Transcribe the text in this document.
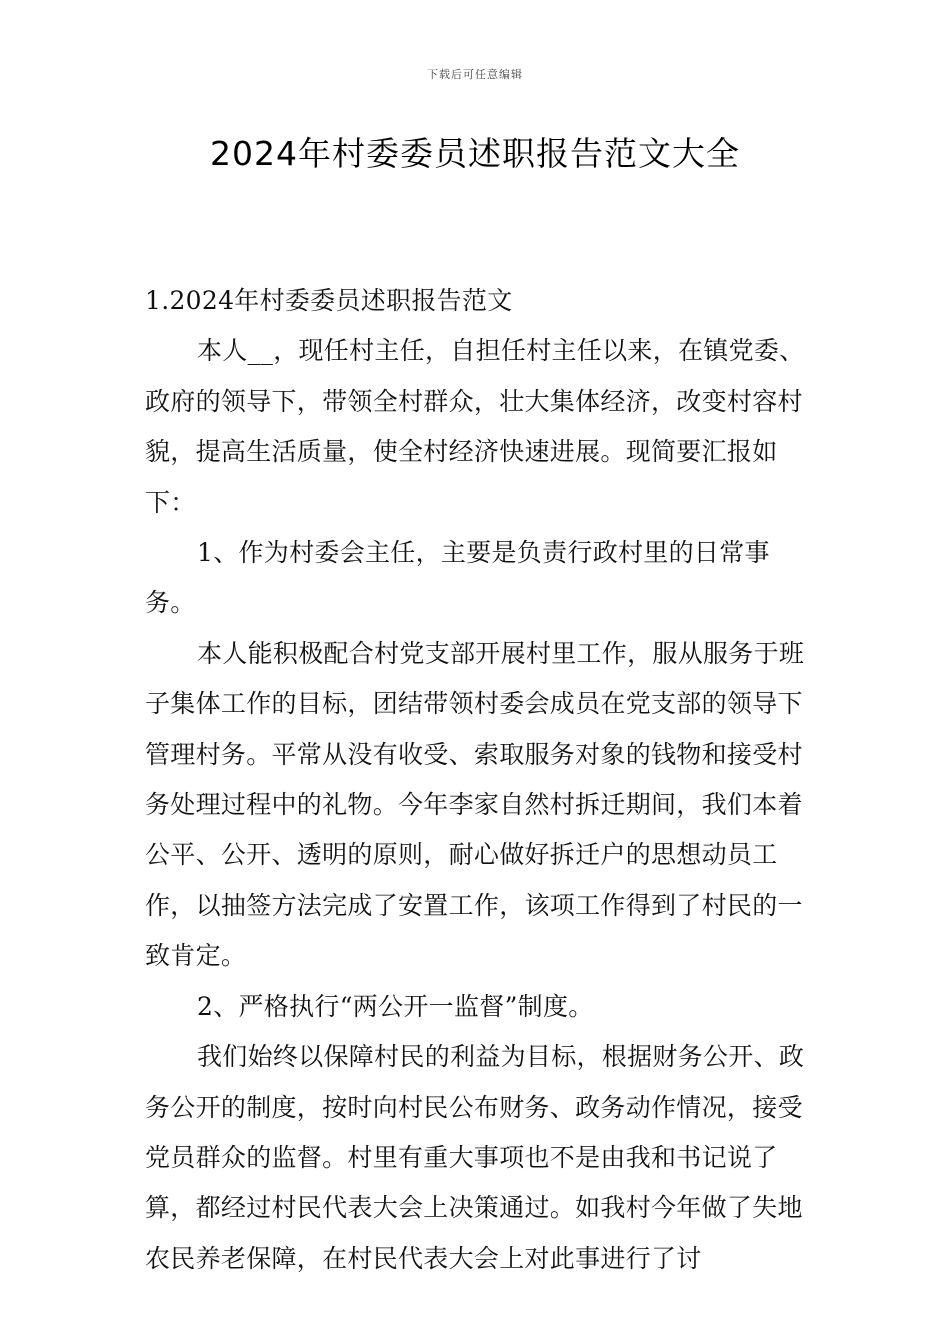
下载后可任意编辑
2024年村委委员述职报告范文大全

1.2024年村委委员述职报告范文

本人__，现任村主任，自担任村主任以来，在镇党委、政府的领导下，带领全村群众，壮大集体经济，改变村容村貌，提高生活质量，使全村经济快速进展。现简要汇报如下：

1、作为村委会主任，主要是负责行政村里的日常事务。

本人能积极配合村党支部开展村里工作，服从服务于班子集体工作的目标，团结带领村委会成员在党支部的领导下管理村务。平常从没有收受、索取服务对象的钱物和接受村务处理过程中的礼物。今年李家自然村拆迁期间，我们本着公平、公开、透明的原则，耐心做好拆迁户的思想动员工作，以抽签方法完成了安置工作，该项工作得到了村民的一致肯定。

2、严格执行“两公开一监督”制度。

我们始终以保障村民的利益为目标，根据财务公开、政务公开的制度，按时向村民公布财务、政务动作情况，接受党员群众的监督。村里有重大事项也不是由我和书记说了算，都经过村民代表大会上决策通过。如我村今年做了失地农民养老保障，在村民代表大会上对此事进行了讨
